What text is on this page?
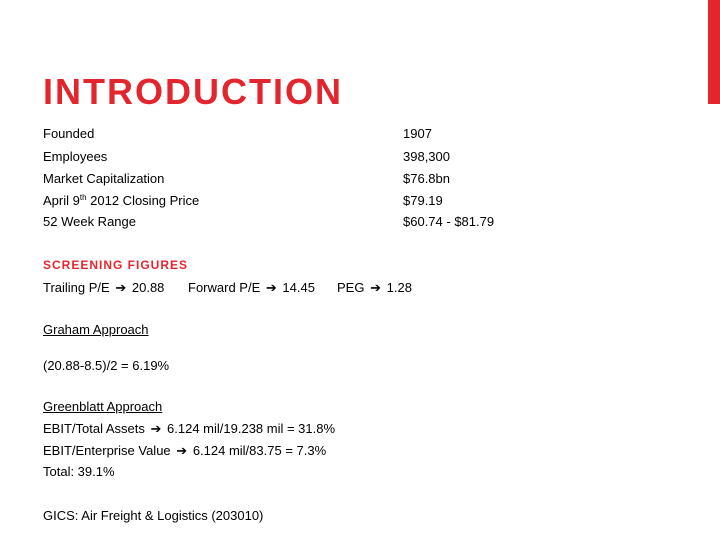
INTRODUCTION
Founded	1907
Employees	398,300
Market Capitalization	$76.8bn
April 9th 2012 Closing Price	$79.19
52 Week Range	$60.74 - $81.79
SCREENING FIGURES
Trailing P/E ➔ 20.88 Forward P/E ➔ 14.45 PEG ➔ 1.28
Graham Approach
(20.88-8.5)/2 = 6.19%
Greenblatt Approach
EBIT/Total Assets ➔ 6.124 mil/19.238 mil = 31.8%
EBIT/Enterprise Value ➔ 6.124 mil/83.75 = 7.3%
Total: 39.1%
GICS: Air Freight & Logistics (203010)
